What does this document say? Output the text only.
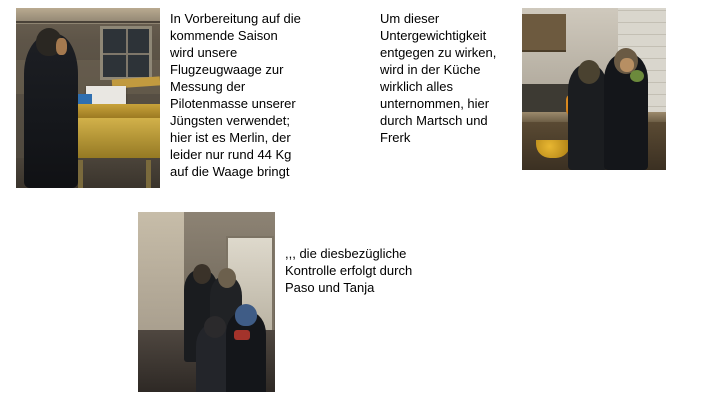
In Vorbereitung auf die kommende Saison wird unsere Flugzeugwaage zur Messung der Pilotenmasse unserer Jüngsten verwendet; hier ist es Merlin, der leider nur rund 44 Kg auf die Waage bringt
Um dieser Untergewichtigkeit entgegen zu wirken, wird in der Küche wirklich alles unternommen, hier durch Martsch und Frerk
,,, die diesbezügliche Kontrolle erfolgt durch Paso und Tanja
